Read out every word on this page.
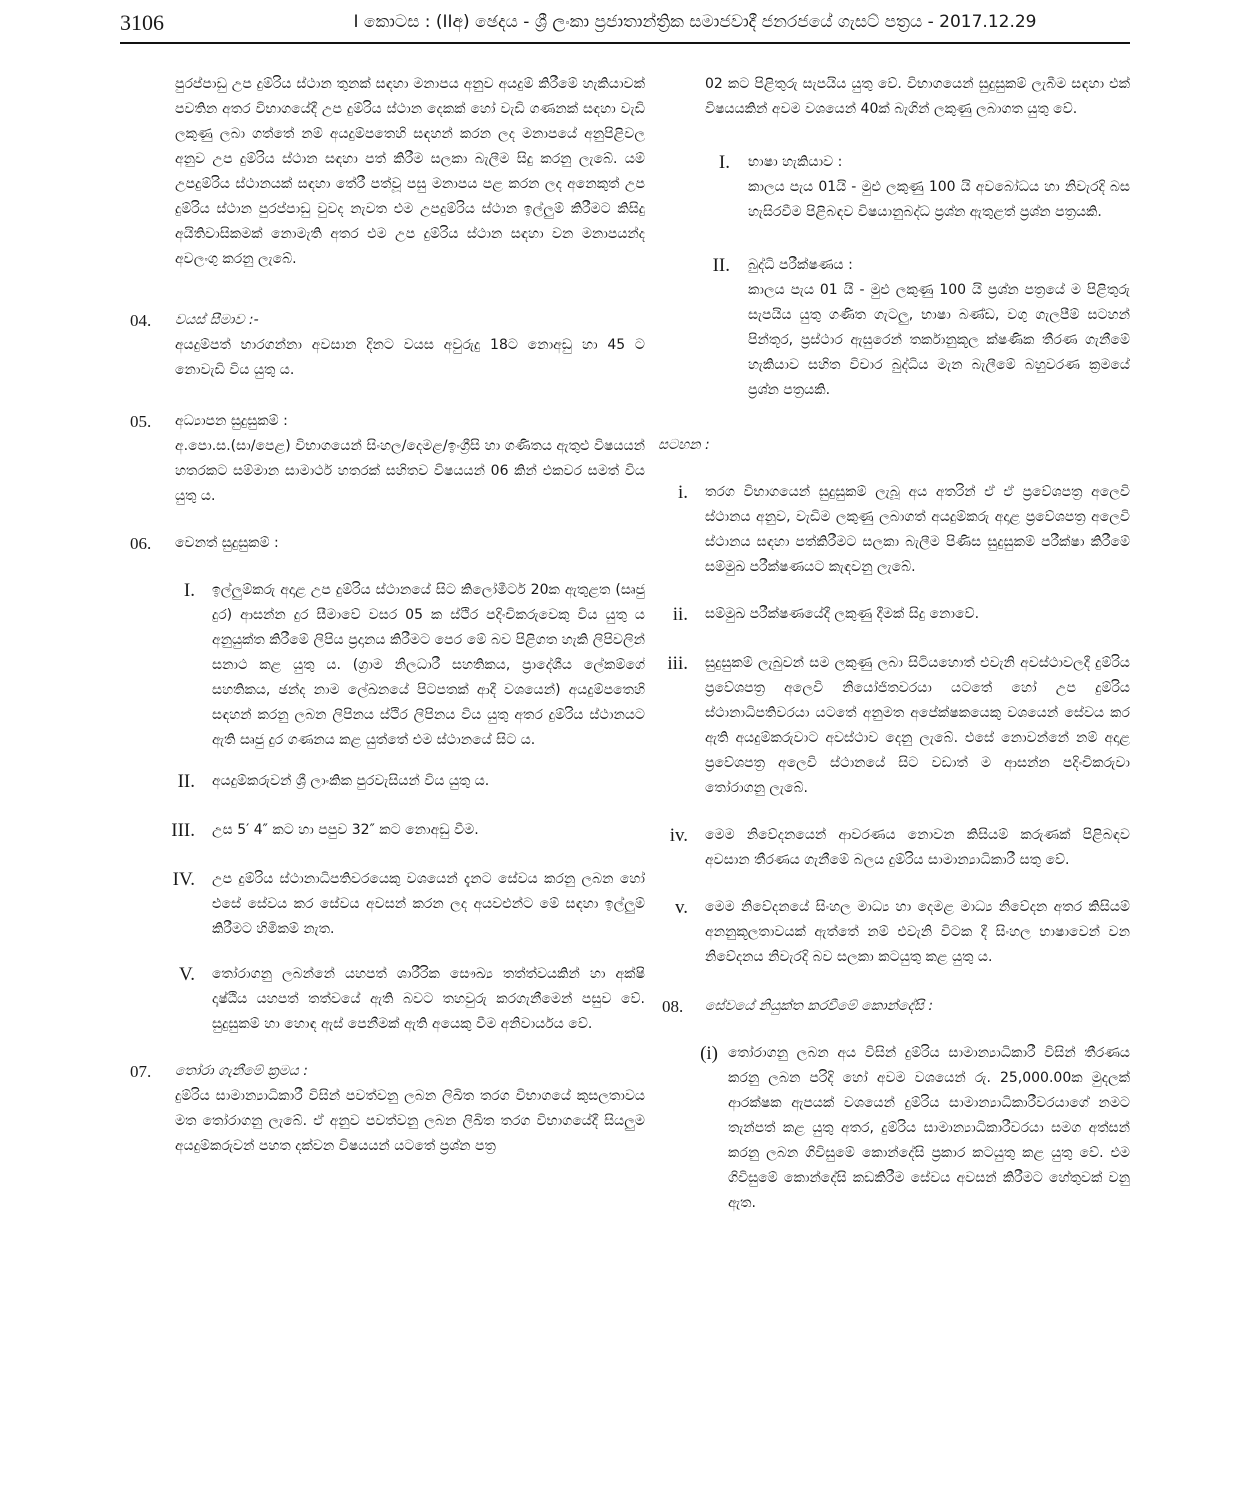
3106	I කොටස : (IIඅ) ඡෙදය - ශ්‍රී ලංකා ප්‍රජාතාන්ත්‍රික සමාජවාදී ජනරජයේ ගැසට් පත්‍රය - 2017.12.29

පුරප්පාඩු උප දුම්රිය ස්ථාන තුනක් සඳහා මනාපය අනුව අයදුම් කිරීමේ හැකියාවක් පවතින අතර විභාගයේදී උප දුම්රිය ස්ථාන දෙකක් හෝ වැඩි ගණනක් සඳහා වැඩි ලකුණු ලබා ගත්තේ නම් අයදුම්පතෙහි සඳහන් කරන ලද මනාපයේ අනුපිළිවල අනුව උප දුම්රිය ස්ථාන සඳහා පත් කිරීම සලකා බැලීම සිදු කරනු ලැබේ. යම් උපදුම්රිය ස්ථානයක් සඳහා තේරී පත්වූ පසු මනාපය පළ කරන ලද අනෙකුත් උප දුම්රිය ස්ථාන පුරප්පාඩු වුවද නැවත එම උපදුම්රිය ස්ථාන ඉල්ලුම් කිරීමට කිසිදු අයිතිවාසිකමක් නොමැති අතර එම උප දුම්රිය ස්ථාන සඳහා වන මනාපයන්ද අවලංගු කරනු ලැබේ.

04. වයස් සීමාව :-

අයදුම්පත් භාරගන්නා අවසාන දිනට වයස අවුරුදු 18ට නොඅඩු හා 45 ට නොවැඩි විය යුතු ය.

05. අධ්‍යාපන සුදුසුකම් :

අ.පො.ස.(සා/පෙළ) විභාගයෙන් සිංහල/දෙමළ/ඉංග්‍රීසි හා ගණිතය ඇතුළු විෂයයන් හතරකට සම්මාන සාමාර්ථ හතරක් සහිතව විෂයයන් 06 කින් එකවර සමත් විය යුතු ය.

06. වෙනත් සුදුසුකම් :

I. ඉල්ලුම්කරු අදාළ උප දුම්රිය ස්ථානයේ සිට කිලෝමීටර් 20ක ඇතුළත (සෘජු දුර) ආසන්න දුර සීමාවේ වසර 05 ක ස්ථිර පදිංචිකරුවෙකු විය යුතු ය අනුයුක්ත කිරීමේ ලිපිය ප්‍රදානය කිරීමට පෙර මේ බව පිළිගත හැකි ලිපිවලින් සනාථ කළ යුතු ය. (ග්‍රාම නිලධාරී සහතිකය, ප්‍රාදේශීය ලේකම්ගේ සහතිකය, ඡන්ද නාම ලේඛනයේ පිටපතක් ආදී වශයෙන්) අයදුම්පතෙහි සඳහන් කරනු ලබන ලිපිනය ස්ථිර ලිපිනය විය යුතු අතර දුම්රිය ස්ථානයට ඇති සෘජු දුර ගණනය කළ යුත්තේ එම ස්ථානයේ සිට ය.

II. අයදුම්කරුවන් ශ්‍රී ලාංකික පුරවැසියන් විය යුතු ය.

III. උස 5′ 4″ කට හා පපුව 32″ කට නොඅඩු වීම.

IV. උප දුම්රිය ස්ථානාධිපතිවරයෙකු වශයෙන් දැනට සේවය කරනු ලබන හෝ එසේ සේවය කර සේවය අවසන් කරන ලද අයවළුන්ට මේ සඳහා ඉල්ලුම් කිරීමට හිමිකම් නැත.

V. තෝරාගනු ලබන්නේ යහපත් ශාරීරික සෞඛ්‍ය තත්ත්වයකින් හා අක්ෂි දෘෂ්ඨිය යහපත් තත්වයේ ඇති බවට තහවුරු කරගැනීමෙන් පසුව වේ. සුදුසුකම් හා හොඳ ඇස් පෙනීමක් ඇති අයෙකු වීම අනිවාර්යය වේ.

07. තෝරා ගැනීමේ ක්‍රමය :

දුම්රිය සාමාන්‍යාධිකාරී විසින් පවත්වනු ලබන ලිඛිත තරග විභාගයේ කුසලතාවය මත තෝරාගනු ලැබේ. ඒ අනුව පවත්වනු ලබන ලිඛිත තරග විභාගයේදී සියලුම අයදුම්කරුවන් පහත දක්වන විෂයයන් යටතේ ප්‍රශ්න පත්‍ර

02 කට පිළිතුරු සැපයිය යුතු වේ. විභාගයෙන් සුදුසුකම් ලැබීම සඳහා එක් විෂයයකින් අවම වශයෙන් 40ක් බැගින් ලකුණු ලබාගත යුතු වේ.

I. භාෂා හැකියාව :

කාලය පැය 01යි - මුළු ලකුණු 100 යි අවබෝධය හා නිවැරදි බස හැසිරවීම පිළිබඳව විෂයානුබද්ධ ප්‍රශ්න ඇතුළත් ප්‍රශ්න පත්‍රයකි.

II. බුද්ධි පරීක්ෂණය :

කාලය පැය 01 යි - මුළු ලකුණු 100 යි ප්‍රශ්න පත්‍රයේ ම පිළිතුරු සැපයිය යුතු ගණිත ගැටලු, භාෂා බණ්ඩ, වගු ගැලපීම් සටහන් පින්තූර, ප්‍රස්ථාර ඇසුරෙන් තර්කානුකූල ක්ෂණික තීරණ ගැනීමේ හැකියාව සහිත විචාර බුද්ධිය මැන බැලීමේ බහුවරණ ක්‍රමයේ ප්‍රශ්න පත්‍රයකි.

සටහන :

i. තරග විභාගයෙන් සුදුසුකම් ලැබූ අය අතරින් ඒ ඒ ප්‍රවේශපත්‍ර අලෙවි ස්ථානය අනුව, වැඩිම ලකුණු ලබාගත් අයදුම්කරු අදාළ ප්‍රවේශපත්‍ර අලෙවි ස්ථානය සඳහා පත්කිරීමට සලකා බැලීම පිණිස සුදුසුකම් පරීක්ෂා කිරීමේ සම්මුඛ පරීක්ෂණයට කැඳවනු ලැබේ.

ii. සම්මුඛ පරීක්ෂණයේදී ලකුණු දීමක් සිදු නොවේ.

iii. සුදුසුකම් ලැබුවන් සම ලකුණු ලබා සිටියහොත් එවැනි අවස්ථාවලදී දුම්රිය ප්‍රවේශපත්‍ර අලෙවි නියෝජිතවරයා යටතේ හෝ උප දුම්රිය ස්ථානාධිපතිවරයා යටතේ අනුමත අපේක්ෂකයෙකු වශයෙන් සේවය කර ඇති අයදුම්කරුවාට අවස්ථාව දෙනු ලැබේ. එසේ නොවන්නේ නම් අදාළ ප්‍රවේශපත්‍ර අලෙවි ස්ථානයේ සිට වඩාත් ම ආසන්න පදිංචිකරුවා තෝරාගනු ලැබේ.

iv. මෙම නිවේදනයෙන් ආවරණය නොවන කිසියම් කරුණක් පිළිබඳව අවසාන තීරණය ගැනීමේ බලය දුම්රිය සාමාන්‍යාධිකාරී සතු වේ.

v. මෙම නිවේදනයේ සිංහල මාධ්‍ය හා දෙමළ මාධ්‍ය නිවේදන අතර කිසියම් අනනුකූලතාවයක් ඇත්තේ නම් එවැනි විටක දී සිංහල භාෂාවෙන් වන නිවේදනය නිවැරදි බව සලකා කටයුතු කළ යුතු ය.

08. සේවයේ නියුක්ත කරවීමේ කොන්දේසි :

(i) තෝරාගනු ලබන අය විසින් දුම්රිය සාමාන්‍යාධිකාරී විසින් තීරණය කරනු ලබන පරිදි හෝ අවම වශයෙන් රු. 25,000.00ක මුදලක් ආරක්ෂක ඇපයක් වශයෙන් දුම්රිය සාමාන්‍යාධිකාරීවරයාගේ නමට තැන්පත් කළ යුතු අතර, දුම්රිය සාමාන්‍යාධිකාරීවරයා සමග අත්සන් කරනු ලබන ගිවිසුමේ කොන්දේසි ප්‍රකාර කටයුතු කළ යුතු වේ. එම ගිවිසුමේ කොන්දේසි කඩකිරීම සේවය අවසන් කිරීමට හේතුවක් වනු ඇත.
